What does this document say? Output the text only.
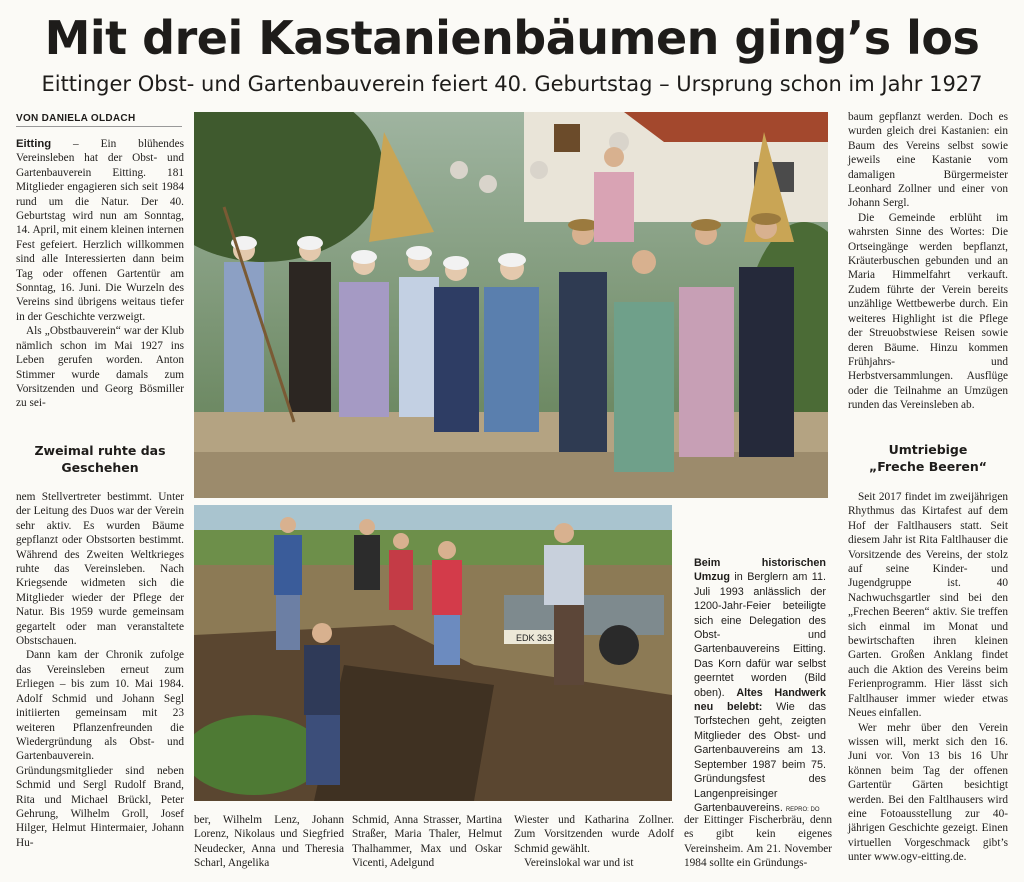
Mit drei Kastanienbäumen ging’s los
Eittinger Obst- und Gartenbauverein feiert 40. Geburtstag – Ursprung schon im Jahr 1927
VON DANIELA OLDACH

Eitting – Ein blühendes Vereinsleben hat der Obst- und Gartenbauverein Eitting. 181 Mitglieder engagieren sich seit 1984 rund um die Natur. Der 40. Geburtstag wird nun am Sonntag, 14. April, mit einem kleinen internen Fest gefeiert. Herzlich willkommen sind alle Interessierten dann beim Tag oder offenen Gartentür am Sonntag, 16. Juni. Die Wurzeln des Vereins sind übrigens weitaus tiefer in der Geschichte verzweigt.

Als „Obstbauverein“ war der Klub nämlich schon im Mai 1927 ins Leben gerufen worden. Anton Stimmer wurde damals zum Vorsitzenden und Georg Bösmiller zu sei-

Zweimal ruhte das Geschehen

nem Stellvertreter bestimmt. Unter der Leitung des Duos war der Verein sehr aktiv. Es wurden Bäume gepflanzt oder Obstsorten bestimmt. Während des Zweiten Weltkrieges ruhte das Vereinsleben. Nach Kriegsende widmeten sich die Mitglieder wieder der Pflege der Natur. Bis 1959 wurde gemeinsam gegartelt oder man veranstaltete Obstschauen.

Dann kam der Chronik zufolge das Vereinsleben erneut zum Erliegen – bis zum 10. Mai 1984. Adolf Schmid und Johann Segl initiierten gemeinsam mit 23 weiteren Pflanzenfreunden die Wiedergründung als Obst- und Gartenbauverein. Gründungsmitglieder sind neben Schmid und Sergl Rudolf Brand, Rita und Michael Brückl, Peter Gehrung, Wilhelm Groll, Josef Hilger, Helmut Hintermaier, Johann Hu-

EDK 363
Beim historischen Umzug in Berglern am 11. Juli 1993 anlässlich der 1200-Jahr-Feier beteiligte sich eine Delegation des Obst- und Gartenbauvereins Eitting. Das Korn dafür war selbst geerntet worden (Bild oben). Altes Handwerk neu belebt: Wie das Torfstechen geht, zeigten Mitglieder des Obst- und Gartenbauvereins am 13. September 1987 beim 75. Gründungsfest des Langenpreisinger Gartenbauvereins. REPRO: DO

ber, Wilhelm Lenz, Johann Lorenz, Nikolaus und Siegfried Neudecker, Anna und Theresia Scharl, Angelika

Schmid, Anna Strasser, Martina Straßer, Maria Thaler, Helmut Thalhammer, Max und Oskar Vicenti, Adelgund

Wiester und Katharina Zollner. Zum Vorsitzenden wurde Adolf Schmid gewählt.

Vereinslokal war und ist

der Eittinger Fischerbräu, denn es gibt kein eigenes Vereinsheim. Am 21. November 1984 sollte ein Gründungs-

baum gepflanzt werden. Doch es wurden gleich drei Kastanien: ein Baum des Vereins selbst sowie jeweils eine Kastanie vom damaligen Bürgermeister Leonhard Zollner und einer von Johann Sergl.

Die Gemeinde erblüht im wahrsten Sinne des Wortes: Die Ortseingänge werden bepflanzt, Kräuterbuschen gebunden und an Maria Himmelfahrt verkauft. Zudem führte der Verein bereits unzählige Wettbewerbe durch. Ein weiteres Highlight ist die Pflege der Streuobstwiese Reisen sowie deren Bäume. Hinzu kommen Frühjahrs- und Herbstversammlungen. Ausflüge oder die Teilnahme an Umzügen runden das Vereinsleben ab.

Umtriebige
„Freche Beeren“

Seit 2017 findet im zweijährigen Rhythmus das Kirtafest auf dem Hof der Faltlhausers statt. Seit diesem Jahr ist Rita Faltlhauser die Vorsitzende des Vereins, der stolz auf seine Kinder- und Jugendgruppe ist. 40 Nachwuchsgartler sind bei den „Frechen Beeren“ aktiv. Sie treffen sich einmal im Monat und bewirtschaften ihren kleinen Garten. Großen Anklang findet auch die Aktion des Vereins beim Ferienprogramm. Hier lässt sich Faltlhauser immer wieder etwas Neues einfallen.

Wer mehr über den Verein wissen will, merkt sich den 16. Juni vor. Von 13 bis 16 Uhr können beim Tag der offenen Gartentür Gärten besichtigt werden. Bei den Faltlhausers wird eine Fotoausstellung zur 40-jährigen Geschichte gezeigt. Einen virtuellen Vorgeschmack gibt’s unter www.ogv-eitting.de.
